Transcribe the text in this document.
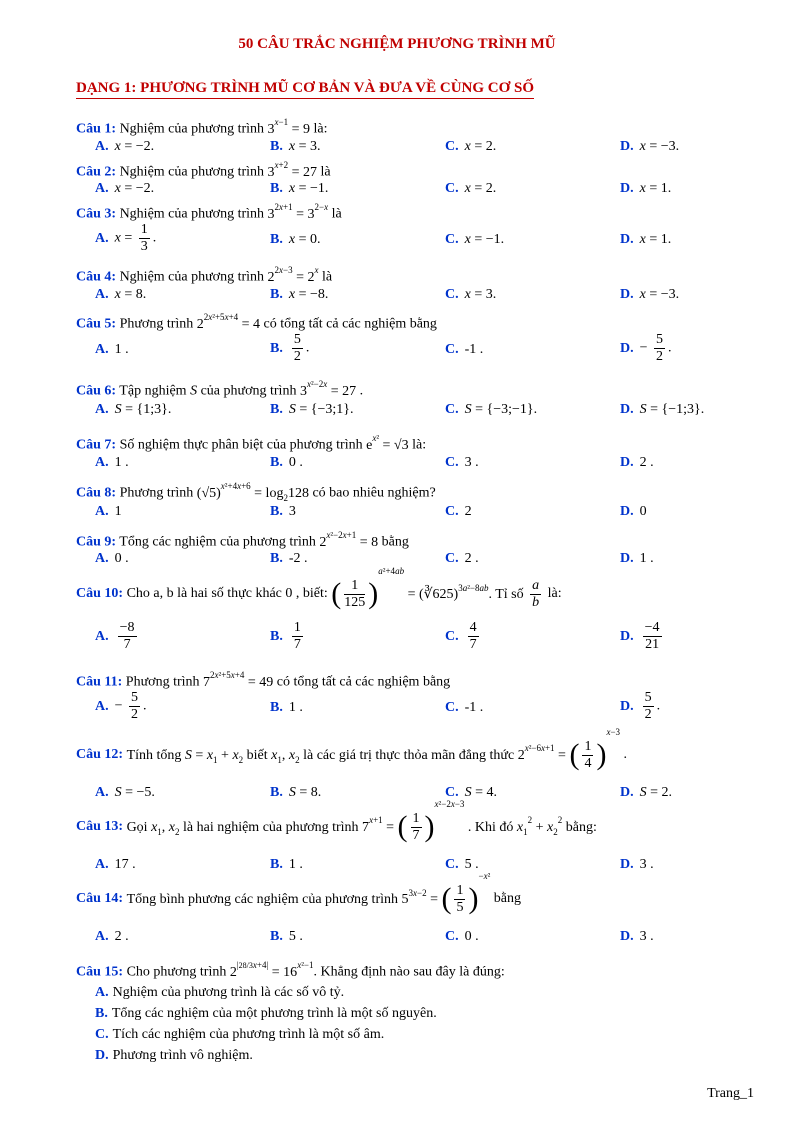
50 CÂU TRẮC NGHIỆM PHƯƠNG TRÌNH MŨ
DẠNG 1: PHƯƠNG TRÌNH MŨ CƠ BẢN VÀ ĐƯA VỀ CÙNG CƠ SỐ
Câu 1: Nghiệm của phương trình $3^{x-1} = 9$ là:
A. x = −2.	B. x = 3.	C. x = 2.	D. x = −3.
Câu 2: Nghiệm của phương trình $3^{x+2} = 27$ là
A. x = −2.	B. x = −1.	C. x = 2.	D. x = 1.
Câu 3: Nghiệm của phương trình $3^{2x+1} = 3^{2-x}$ là
A. $x = \frac{1}{3}$ .	B. x = 0.	C. x = −1.	D. x = 1.
Câu 4: Nghiệm của phương trình $2^{2x-3} = 2^x$ là
A. x = 8.	B. x = −8.	C. x = 3.	D. x = −3.
Câu 5: Phương trình $2^{2x^2+5x+4} = 4$ có tổng tất cả các nghiệm bằng
A. 1 .	B. $\frac{5}{2}$ .	C. -1 .	D. − $\frac{5}{2}$ .
Câu 6: Tập nghiệm S của phương trình $3^{x^2-2x} = 27$ .
A. S = {1;3}.	B. S = {−3;1}.	C. S = {−3;−1}.	D. S = {−1;3}.
Câu 7: Số nghiệm thực phân biệt của phương trình $e^{x^2} = √3$ là:
A. 1 .	B. 0 .	C. 3 .	D. 2 .
Câu 8: Phương trình $(√5)^{x^2+4x+6} = \log_2128$ có bao nhiêu nghiệm?
A. 1	B. 3	C. 2	D. 0
Câu 9: Tổng các nghiệm của phương trình $2^{x^2-2x+1} = 8$ bằng
A. 0 .	B. -2 .	C. 2 .	D. 1 .
Câu 10: Cho a, b là hai số thực khác 0 , biết: ( $\frac{1}{125} )^{a^2+4ab}$ = (∛625)$^{3a^2-8ab}$. Tỉ số $\frac{a}{b}$ là:
A. $\frac{-8}{7}$	B. $\frac{1}{7}$	C. $\frac{4}{7}$	D. $\frac{-4}{21}$
Câu 11: Phương trình $7^{2x^2+5x+4} = 49$ có tổng tất cả các nghiệm bằng
A. − $\frac{5}{2}$ .	B. 1 .	C. -1 .	D. $\frac{5}{2}$ .
Câu 12: Tính tổng $S = x_1 + x_2$ biết $x_1$, $x_2$ là các giá trị thực thỏa mãn đẳng thức $2^{x^2-6x+1}$ = ( $\frac{1}{4} )^{x-3}$ .
A. S = −5.	B. S = 8.	C. S = 4.	D. S = 2.
Câu 13: Gọi $x_1$, $x_2$ là hai nghiệm của phương trình $7^{x+1}$ = ( $\frac{1}{7} )^{x^2-2x-3}$ . Khi đó $x_1^2 + x_2^2$ bằng:
A. 17 .	B. 1 .	C. 5 .	D. 3 .
Câu 14: Tổng bình phương các nghiệm của phương trình $5^{3x-2}$ = ( $\frac{1}{5} )^{-x^2}$ bằng
A. 2 .	B. 5 .	C. 0 .	D. 3 .
Câu 15: Cho phương trình $2^{|28/3x+4|} = 16^{x^2-1}$. Khẳng định nào sau đây là đúng:
A. Nghiệm của phương trình là các số vô tỷ.
B. Tổng các nghiệm của một phương trình là một số nguyên.
C. Tích các nghiệm của phương trình là một số âm.
D. Phương trình vô nghiệm.
Trang_1
